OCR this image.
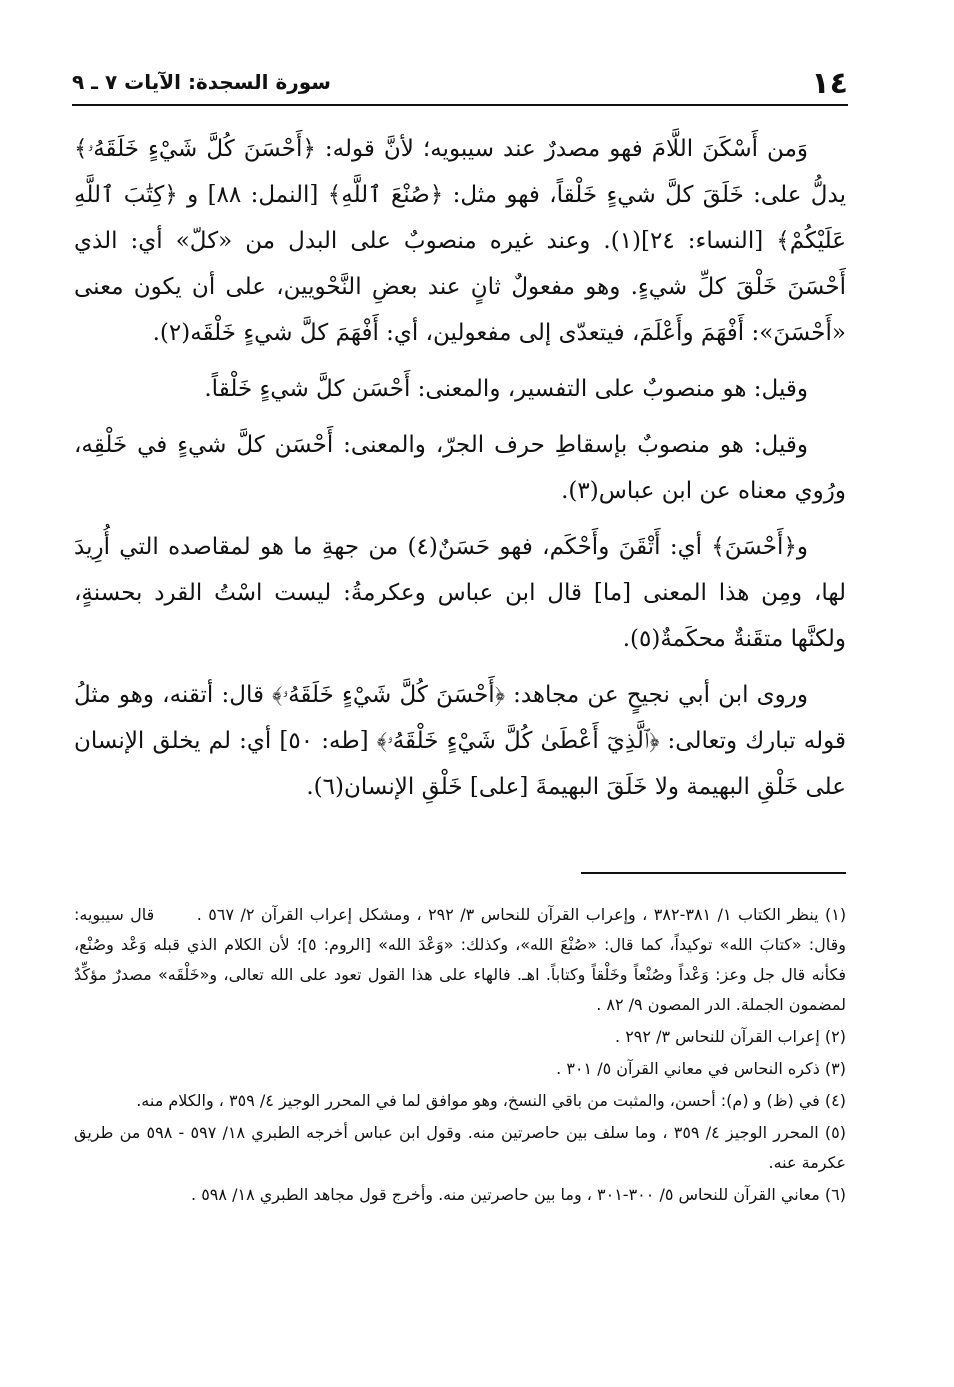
١٤
سورة السجدة: الآيات ٧ ـ ٩

وَمن أَسْكَنَ اللَّامَ فهو مصدرٌ عند سيبويه؛ لأنَّ قوله: ﴿أَحْسَنَ كُلَّ شَيْءٍ خَلَقَهُۥ﴾ يدلُّ على: خَلَقَ كلَّ شيءٍ خَلْقاً، فهو مثل: ﴿صُنْعَ ٱللَّهِ﴾ [النمل: ٨٨] و ﴿كِتَٰبَ ٱللَّهِ عَلَيْكُمْ﴾ [النساء: ٢٤](١). وعند غيره منصوبٌ على البدل من «كلّ» أي: الذي أَحْسَنَ خَلْقَ كلِّ شيءٍ. وهو مفعولٌ ثانٍ عند بعضِ النَّحْويين، على أن يكون معنى «أَحْسَنَ»: أَفْهَمَ وأَعْلَمَ، فيتعدّى إلى مفعولين، أي: أَفْهَمَ كلَّ شيءٍ خَلْقَه(٢).

وقيل: هو منصوبٌ على التفسير، والمعنى: أَحْسَن كلَّ شيءٍ خَلْقاً.

وقيل: هو منصوبٌ بإسقاطِ حرف الجرّ، والمعنى: أَحْسَن كلَّ شيءٍ في خَلْقِه، ورُوي معناه عن ابن عباس(٣).

و﴿أَحْسَنَ﴾ أي: أَتْقَنَ وأَحْكَم، فهو حَسَنٌ(٤) من جهةِ ما هو لمقاصده التي أُرِيدَ لها، ومِن هذا المعنى [ما] قال ابن عباس وعكرمةُ: ليست اسْتُ القرد بحسنةٍ، ولكنَّها متقَنةٌ محكَمةٌ(٥).

وروى ابن أبي نجيحٍ عن مجاهد: ﴿أَحْسَنَ كُلَّ شَيْءٍ خَلَقَهُۥ﴾ قال: أتقنه، وهو مثلُ قوله تبارك وتعالى: ﴿ٱلَّذِيٓ أَعْطَىٰ كُلَّ شَيْءٍ خَلْقَهُۥ﴾ [طه: ٥٠] أي: لم يخلق الإنسان على خَلْقِ البهيمة ولا خَلَقَ البهيمةَ [على] خَلْقِ الإنسان(٦).

(١) ينظر الكتاب ١/ ٣٨١-٣٨٢ ، وإعراب القرآن للنحاس ٣/ ٢٩٢ ، ومشكل إعراب القرآن ٢/ ٥٦٧ . قال سيبويه: وقال: «كتابَ الله» توكيداً، كما قال: «صُنْعَ الله»، وكذلك: «وَعْدَ الله» [الروم: ٥]؛ لأن الكلام الذي قبله وَعْد وصُنْع، فكأنه قال جل وعز: وَعْداً وصُنْعاً وخَلْقاً وكتاباً. اهـ. فالهاء على هذا القول تعود على الله تعالى، و«خَلْقَه» مصدرٌ مؤكِّدٌ لمضمون الجملة. الدر المصون ٩/ ٨٢ .

(٢) إعراب القرآن للنحاس ٣/ ٢٩٢ .

(٣) ذكره النحاس في معاني القرآن ٥/ ٣٠١ .

(٤) في (ظ) و (م): أحسن، والمثبت من باقي النسخ، وهو موافق لما في المحرر الوجيز ٤/ ٣٥٩ ، والكلام منه.

(٥) المحرر الوجيز ٤/ ٣٥٩ ، وما سلف بين حاصرتين منه. وقول ابن عباس أخرجه الطبري ١٨/ ٥٩٧ - ٥٩٨ من طريق عكرمة عنه.

(٦) معاني القرآن للنحاس ٥/ ٣٠٠-٣٠١ ، وما بين حاصرتين منه. وأخرج قول مجاهد الطبري ١٨/ ٥٩٨ .
